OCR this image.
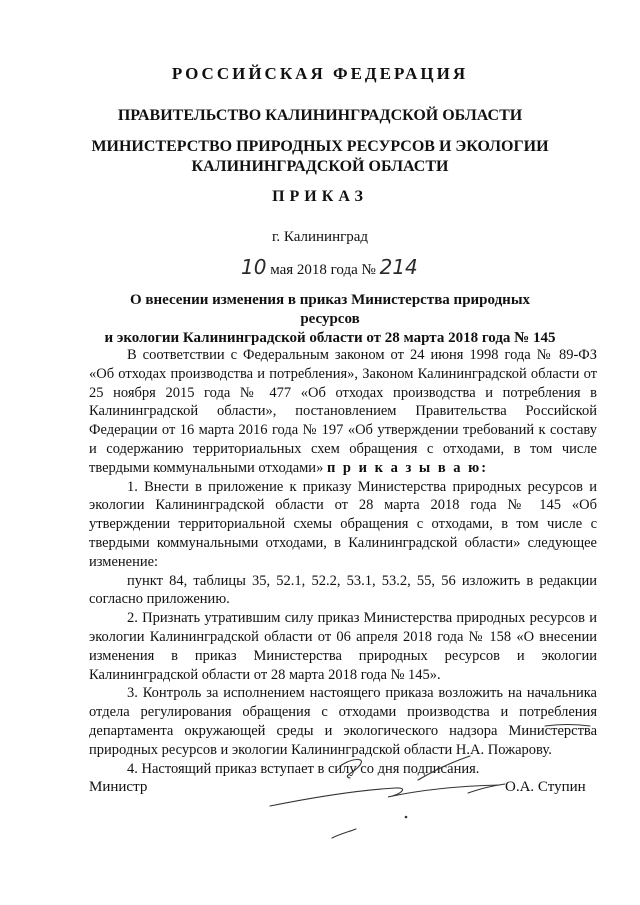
РОССИЙСКАЯ ФЕДЕРАЦИЯ
ПРАВИТЕЛЬСТВО КАЛИНИНГРАДСКОЙ ОБЛАСТИ
МИНИСТЕРСТВО ПРИРОДНЫХ РЕСУРСОВ И ЭКОЛОГИИ
КАЛИНИНГРАДСКОЙ ОБЛАСТИ
ПРИКАЗ
г. Калининград
10 мая 2018 года № 214
О внесении изменения в приказ Министерства природных ресурсов
и экологии Калининградской области от 28 марта 2018 года № 145

В соответствии с Федеральным законом от 24 июня 1998 года № 89-ФЗ «Об отходах производства и потребления», Законом Калининградской области от 25 ноября 2015 года № 477 «Об отходах производства и потребления в Калининградской области», постановлением Правительства Российской Федерации от 16 марта 2016 года № 197 «Об утверждении требований к составу и содержанию территориальных схем обращения с отходами, в том числе твердыми коммунальными отходами» п р и к а з ы в а ю:

1. Внести в приложение к приказу Министерства природных ресурсов и экологии Калининградской области от 28 марта 2018 года № 145 «Об утверждении территориальной схемы обращения с отходами, в том числе с твердыми коммунальными отходами, в Калининградской области» следующее изменение:

пункт 84, таблицы 35, 52.1, 52.2, 53.1, 53.2, 55, 56 изложить в редакции согласно приложению.

2. Признать утратившим силу приказ Министерства природных ресурсов и экологии Калининградской области от 06 апреля 2018 года № 158 «О внесении изменения в приказ Министерства природных ресурсов и экологии Калининградской области от 28 марта 2018 года № 145».

3. Контроль за исполнением настоящего приказа возложить на начальника отдела регулирования обращения с отходами производства и потребления департамента окружающей среды и экологического надзора Министерства природных ресурсов и экологии Калининградской области Н.А. Пожарову.

4. Настоящий приказ вступает в силу со дня подписания.

Министр	О.А. Ступин
